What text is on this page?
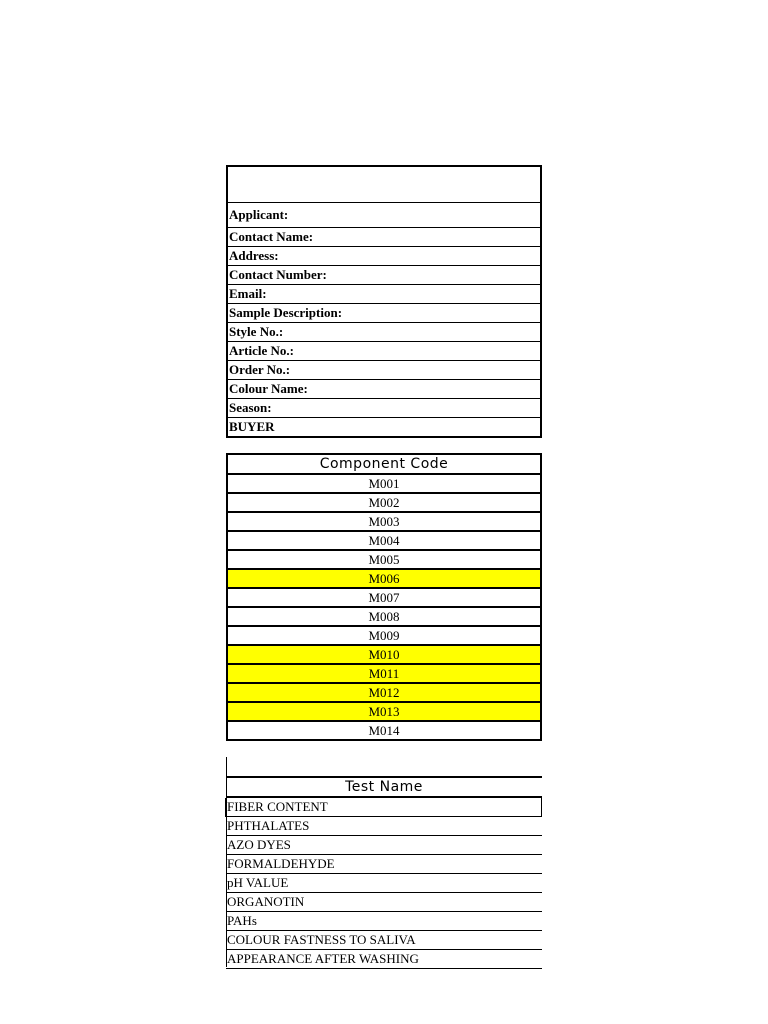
Applicant:
Contact Name:
Address:
Contact Number:
Email:
Sample Description:
Style No.:
Article No.:
Order No.:
Colour Name:
Season:
BUYER
Component Code
M001
M002
M003
M004
M005
M006
M007
M008
M009
M010
M011
M012
M013
M014
Test Name
FIBER CONTENT
PHTHALATES
AZO DYES
FORMALDEHYDE
pH VALUE
ORGANOTIN
PAHs
COLOUR FASTNESS TO SALIVA
APPEARANCE AFTER WASHING
